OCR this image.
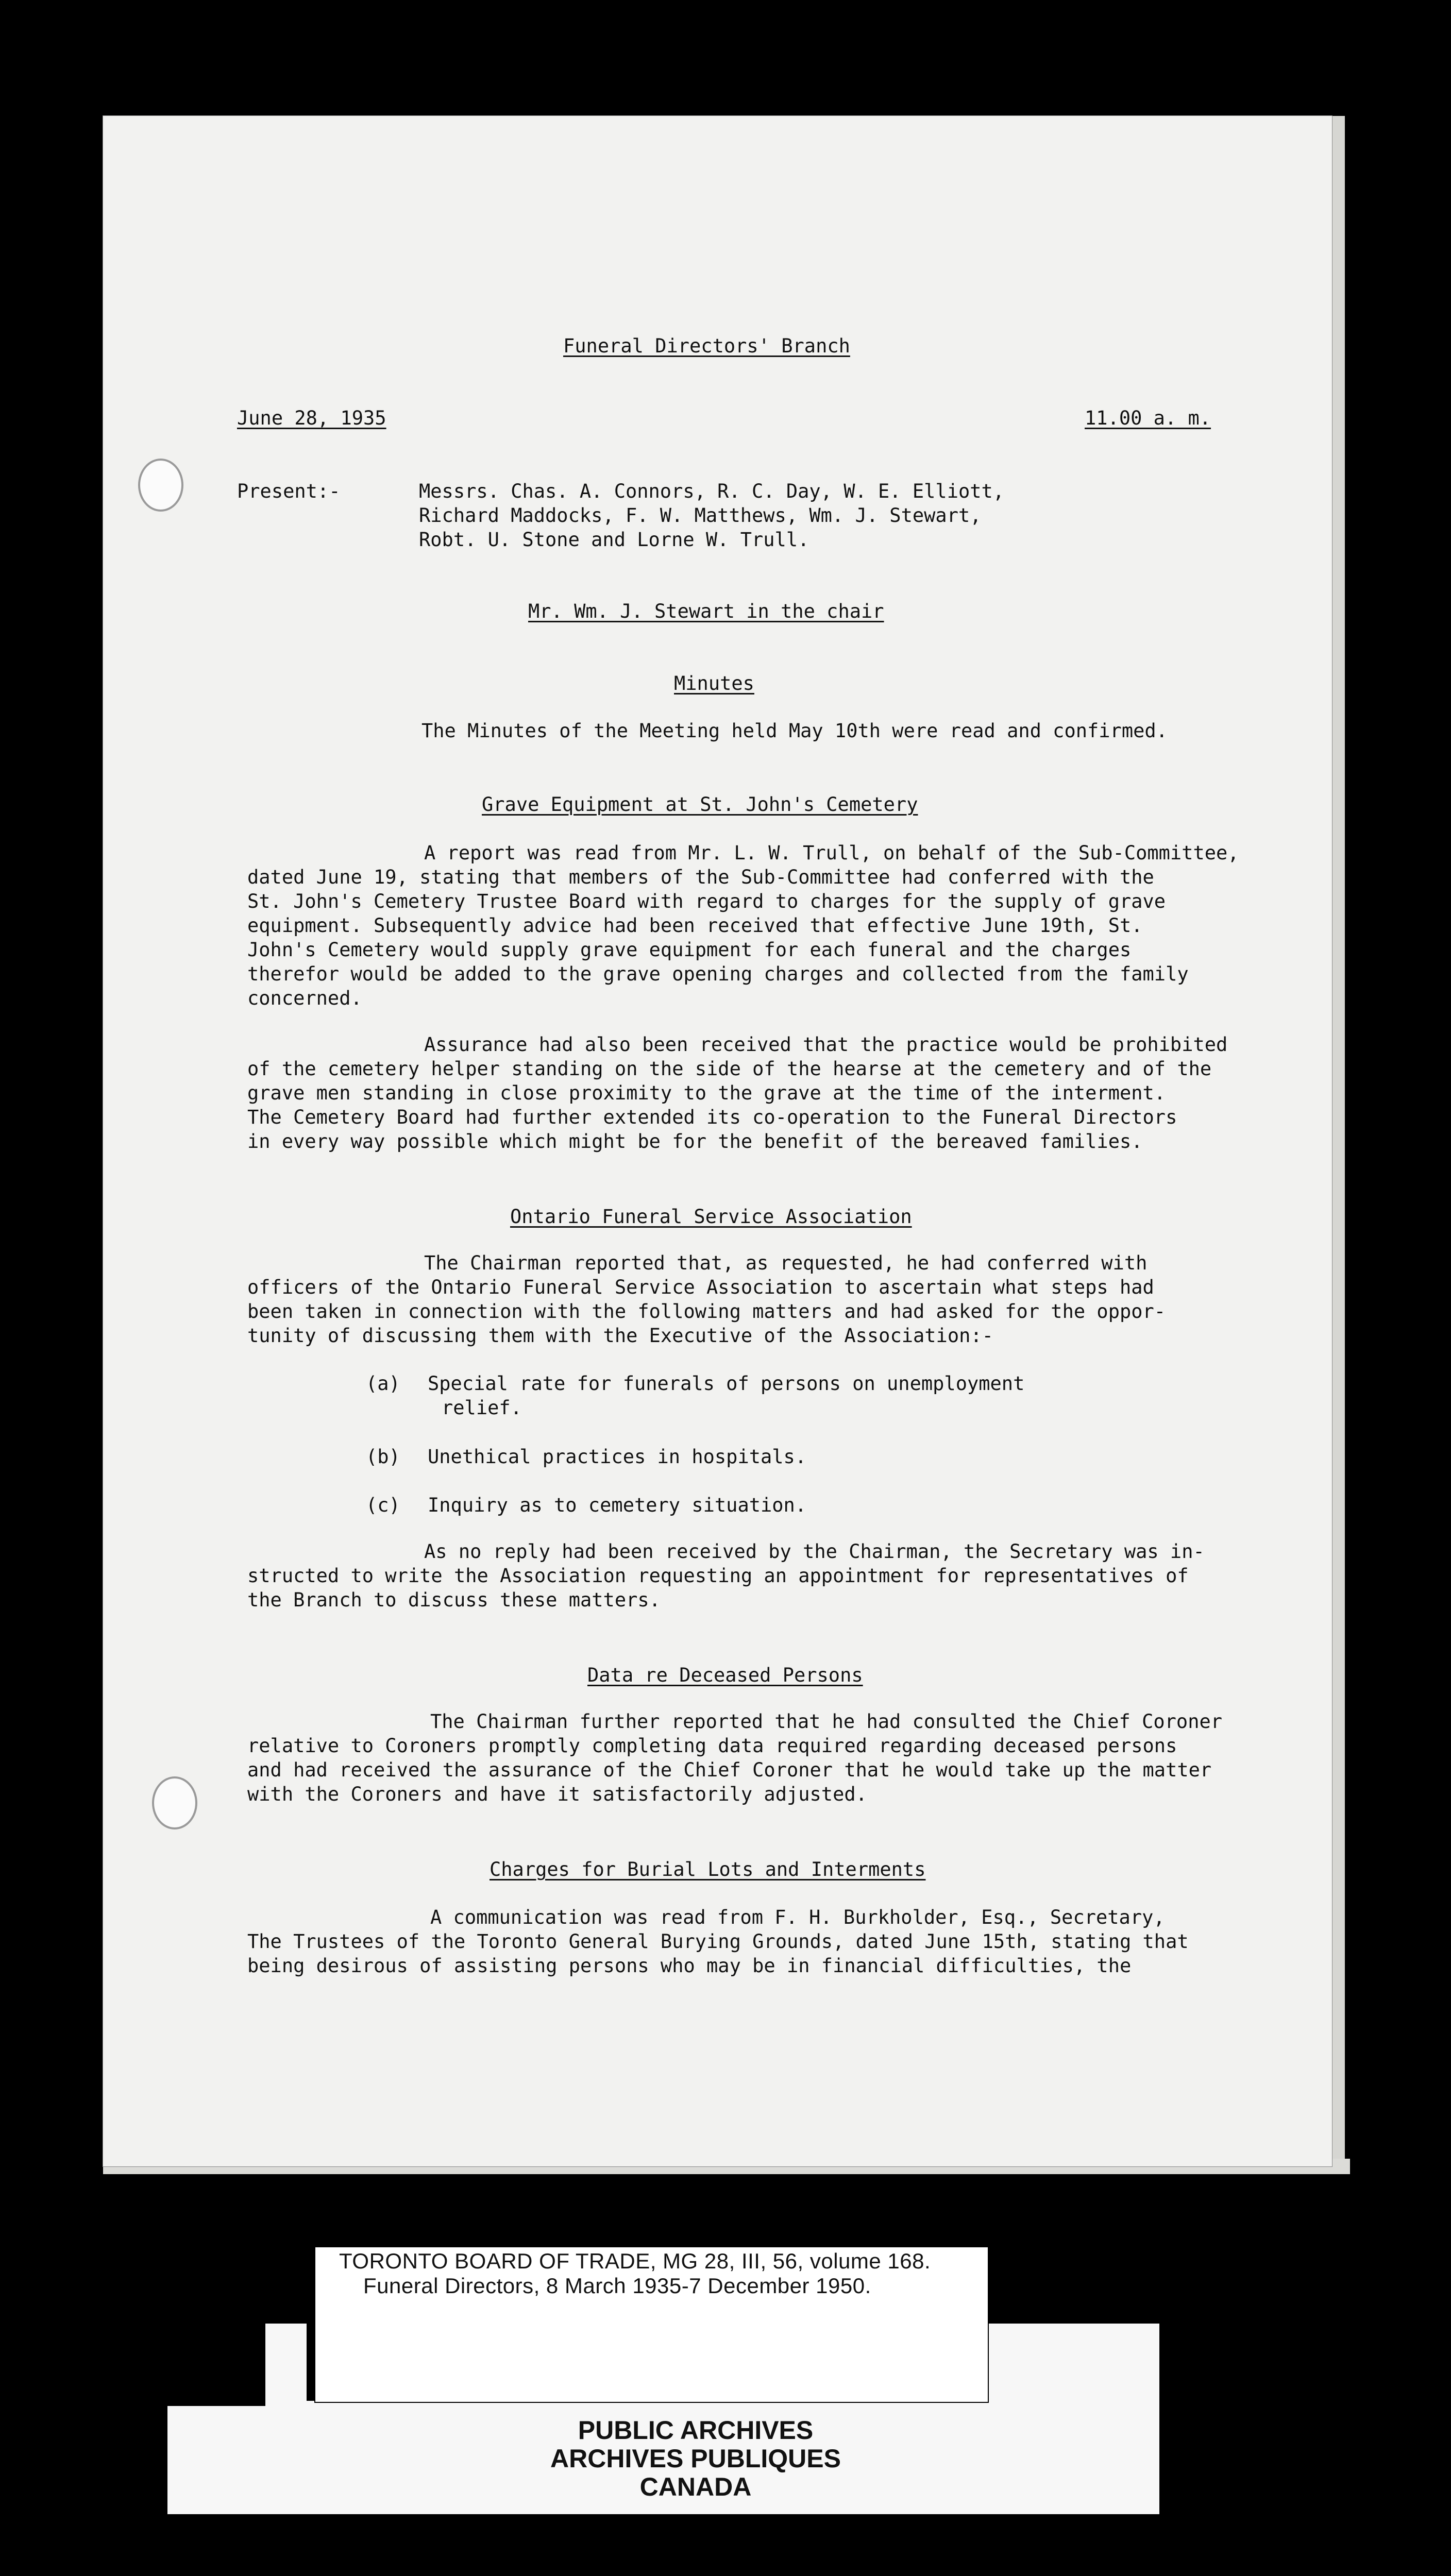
Funeral Directors' Branch
June 28, 1935	11.00 a. m.
Present:-	Messrs. Chas. A. Connors, R. C. Day, W. E. Elliott,
Richard Maddocks, F. W. Matthews, Wm. J. Stewart,
Robt. U. Stone and Lorne W. Trull.
Mr. Wm. J. Stewart in the chair
Minutes
The Minutes of the Meeting held May 10th were read and confirmed.
Grave Equipment at St. John's Cemetery
A report was read from Mr. L. W. Trull, on behalf of the Sub-Committee,
dated June 19, stating that members of the Sub-Committee had conferred with the
St. John's Cemetery Trustee Board with regard to charges for the supply of grave
equipment. Subsequently advice had been received that effective June 19th, St.
John's Cemetery would supply grave equipment for each funeral and the charges
therefor would be added to the grave opening charges and collected from the family
concerned.
Assurance had also been received that the practice would be prohibited
of the cemetery helper standing on the side of the hearse at the cemetery and of the
grave men standing in close proximity to the grave at the time of the interment.
The Cemetery Board had further extended its co-operation to the Funeral Directors
in every way possible which might be for the benefit of the bereaved families.
Ontario Funeral Service Association
The Chairman reported that, as requested, he had conferred with
officers of the Ontario Funeral Service Association to ascertain what steps had
been taken in connection with the following matters and had asked for the oppor-
tunity of discussing them with the Executive of the Association:-
(a) Special rate for funerals of persons on unemployment
relief.
(b) Unethical practices in hospitals.
(c) Inquiry as to cemetery situation.
As no reply had been received by the Chairman, the Secretary was in-
structed to write the Association requesting an appointment for representatives of
the Branch to discuss these matters.
Data re Deceased Persons
The Chairman further reported that he had consulted the Chief Coroner
relative to Coroners promptly completing data required regarding deceased persons
and had received the assurance of the Chief Coroner that he would take up the matter
with the Coroners and have it satisfactorily adjusted.
Charges for Burial Lots and Interments
A communication was read from F. H. Burkholder, Esq., Secretary,
The Trustees of the Toronto General Burying Grounds, dated June 15th, stating that
being desirous of assisting persons who may be in financial difficulties, the
TORONTO BOARD OF TRADE, MG 28, III, 56, volume 168.
Funeral Directors, 8 March 1935-7 December 1950.
PUBLIC ARCHIVES
ARCHIVES PUBLIQUES
CANADA
